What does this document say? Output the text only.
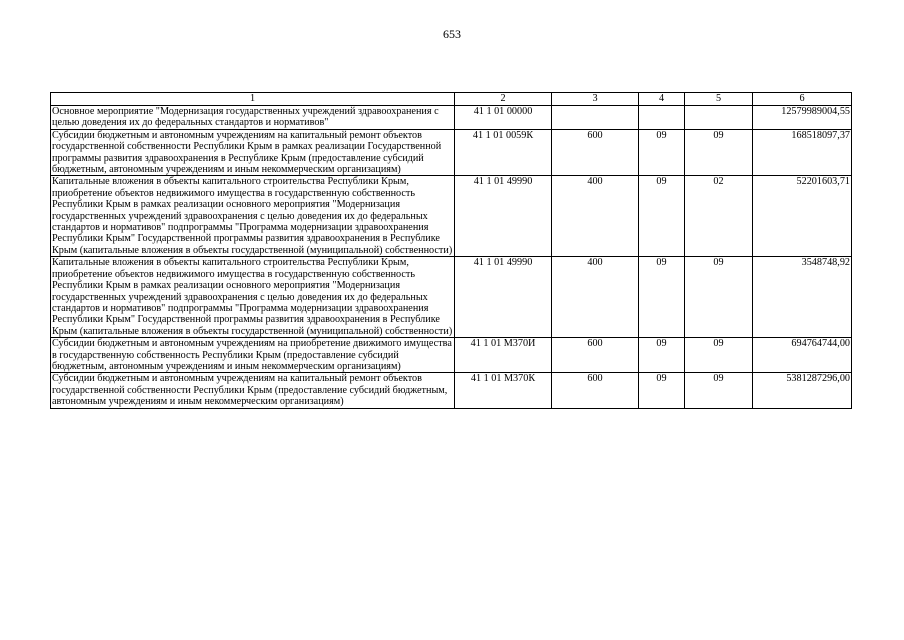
653
1	2	3	4	5	6
Основное мероприятие "Модернизация государственных учреждений здравоохранения с целью доведения их до федеральных стандартов и нормативов"	41 1 01 00000				12579989004,55
Субсидии бюджетным и автономным учреждениям на капитальный ремонт объектов государственной собственности Республики Крым в рамках реализации Государственной программы развития здравоохранения в Республике Крым (предоставление субсидий бюджетным, автономным учреждениям и иным некоммерческим организациям)	41 1 01 0059К	600	09	09	168518097,37
Капитальные вложения в объекты капитального строительства Республики Крым, приобретение объектов недвижимого имущества в государственную собственность Республики Крым в рамках реализации основного мероприятия "Модернизация государственных учреждений здравоохранения с целью доведения их до федеральных стандартов и нормативов" подпрограммы "Программа модернизации здравоохранения Республики Крым" Государственной программы развития здравоохранения в Республике Крым (капитальные вложения в объекты государственной (муниципальной) собственности)	41 1 01 49990	400	09	02	52201603,71
Капитальные вложения в объекты капитального строительства Республики Крым, приобретение объектов недвижимого имущества в государственную собственность Республики Крым в рамках реализации основного мероприятия "Модернизация государственных учреждений здравоохранения с целью доведения их до федеральных стандартов и нормативов" подпрограммы "Программа модернизации здравоохранения Республики Крым" Государственной программы развития здравоохранения в Республике Крым (капитальные вложения в объекты государственной (муниципальной) собственности)	41 1 01 49990	400	09	09	3548748,92
Субсидии бюджетным и автономным учреждениям на приобретение движимого имущества в государственную собственность Республики Крым (предоставление субсидий бюджетным, автономным учреждениям и иным некоммерческим организациям)	41 1 01 М370И	600	09	09	694764744,00
Субсидии бюджетным и автономным учреждениям на капитальный ремонт объектов государственной собственности Республики Крым (предоставление субсидий бюджетным, автономным учреждениям и иным некоммерческим организациям)	41 1 01 М370К	600	09	09	5381287296,00
